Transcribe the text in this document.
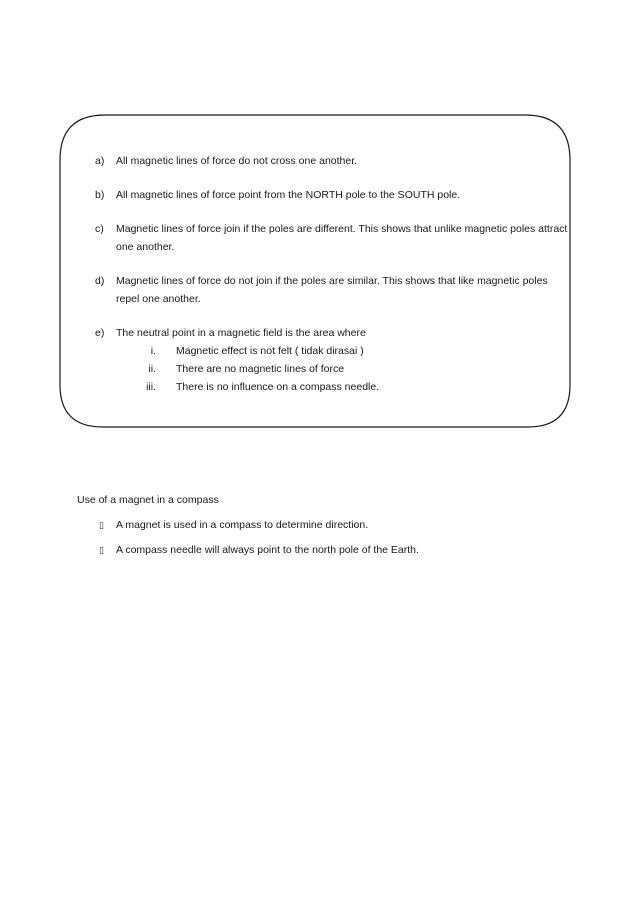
a) All magnetic lines of force do not cross one another.
b) All magnetic lines of force point from the NORTH pole to the SOUTH pole.
c) Magnetic lines of force join if the poles are different. This shows that unlike magnetic poles attract one another.
d) Magnetic lines of force do not join if the poles are similar. This shows that like magnetic poles repel one another.
e) The neutral point in a magnetic field is the area where
i. Magnetic effect is not felt ( tidak dirasai )
ii. There are no magnetic lines of force
iii. There is no influence on a compass needle.
Use of a magnet in a compass
▯ A magnet is used in a compass to determine direction.
▯ A compass needle will always point to the north pole of the Earth.
